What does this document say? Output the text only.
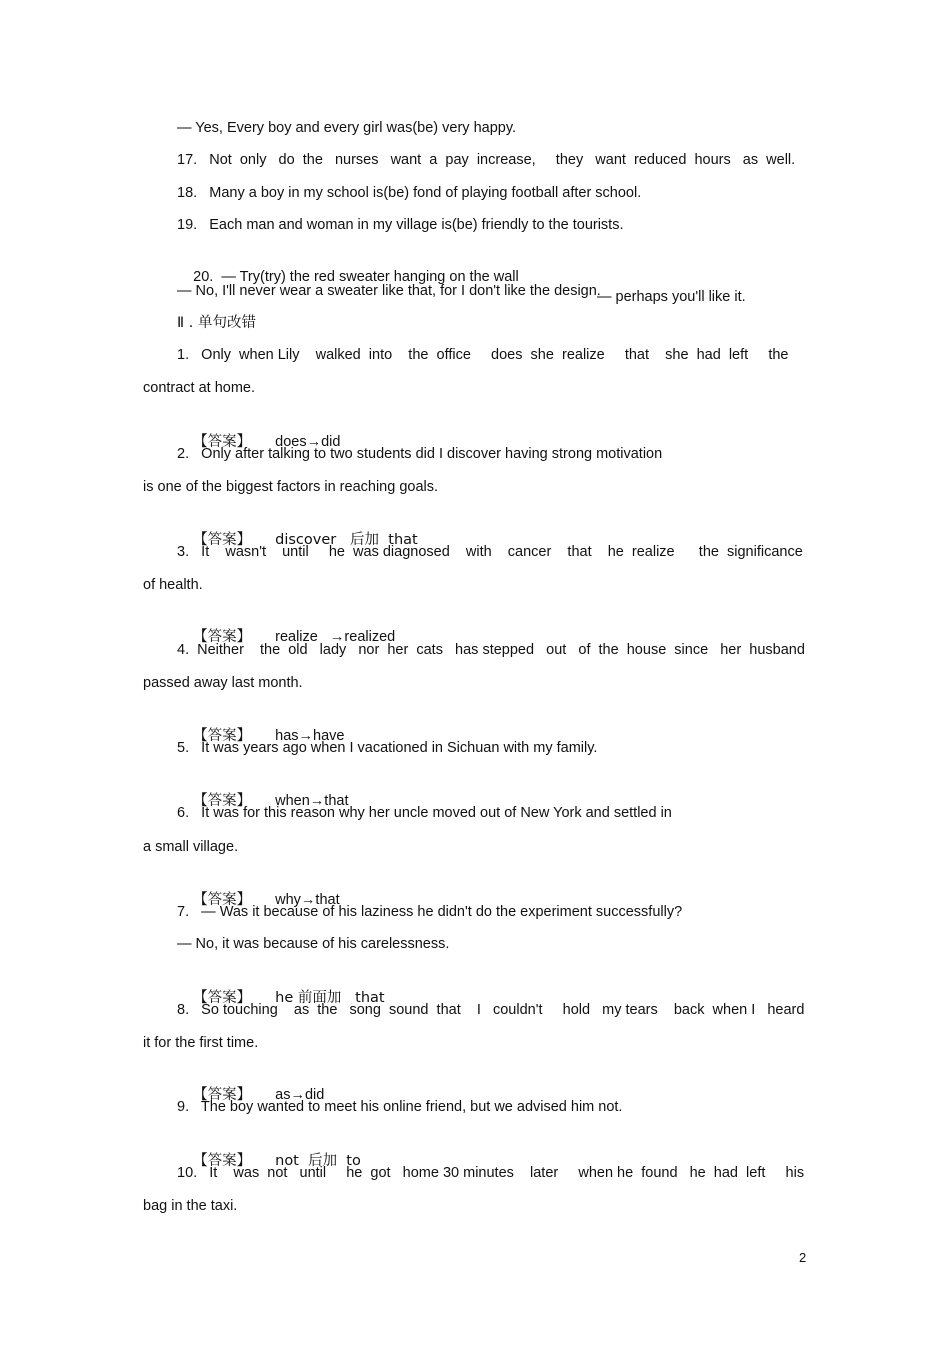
— Yes, Every boy and every girl was(be) very happy.
17.   Not  only   do  the   nurses   want  a  pay  increase,     they   want  reduced  hours   as  well.
18.   Many a boy in my school is(be) fond of playing football after school.
19.   Each man and woman in my village is(be) friendly to the tourists.

20.  — Try(try) the red sweater hanging on the wall

— perhaps you'll like it.

— No, I'll never wear a sweater like that, for I don't like the design.
Ⅱ . 单句改错
1.   Only  when Lily    walked  into    the  office     does  she  realize     that    she  had  left     the
contract at home.

【答案】 does→did

2.   Only after talking to two students did I discover having strong motivation
is one of the biggest factors in reaching goals.

【答案】 discover   后加  that

3.   It    wasn't    until     he  was diagnosed    with    cancer    that    he  realize      the  significance
of health.

【答案】 realize   →realized

4.  Neither    the  old   lady   nor  her  cats   has stepped   out   of  the  house  since   her  husband
passed away last month.

【答案】 has→have

5.   It was years ago when I vacationed in Sichuan with my family.

【答案】 when→that

6.   It was for this reason why her uncle moved out of New York and settled in
a small village.

【答案】 why→that

7.   — Was it because of his laziness he didn't do the experiment successfully?
— No, it was because of his carelessness.

【答案】 he 前面加   that

8.   So touching    as  the   song  sound  that    I   couldn't     hold   my tears    back  when I   heard
it for the first time.

【答案】 as→did

9.   The boy wanted to meet his online friend, but we advised him not.

【答案】 not  后加  to

10.   It    was  not   until     he  got   home 30 minutes    later     when he  found   he  had  left     his
bag in the taxi.
2
